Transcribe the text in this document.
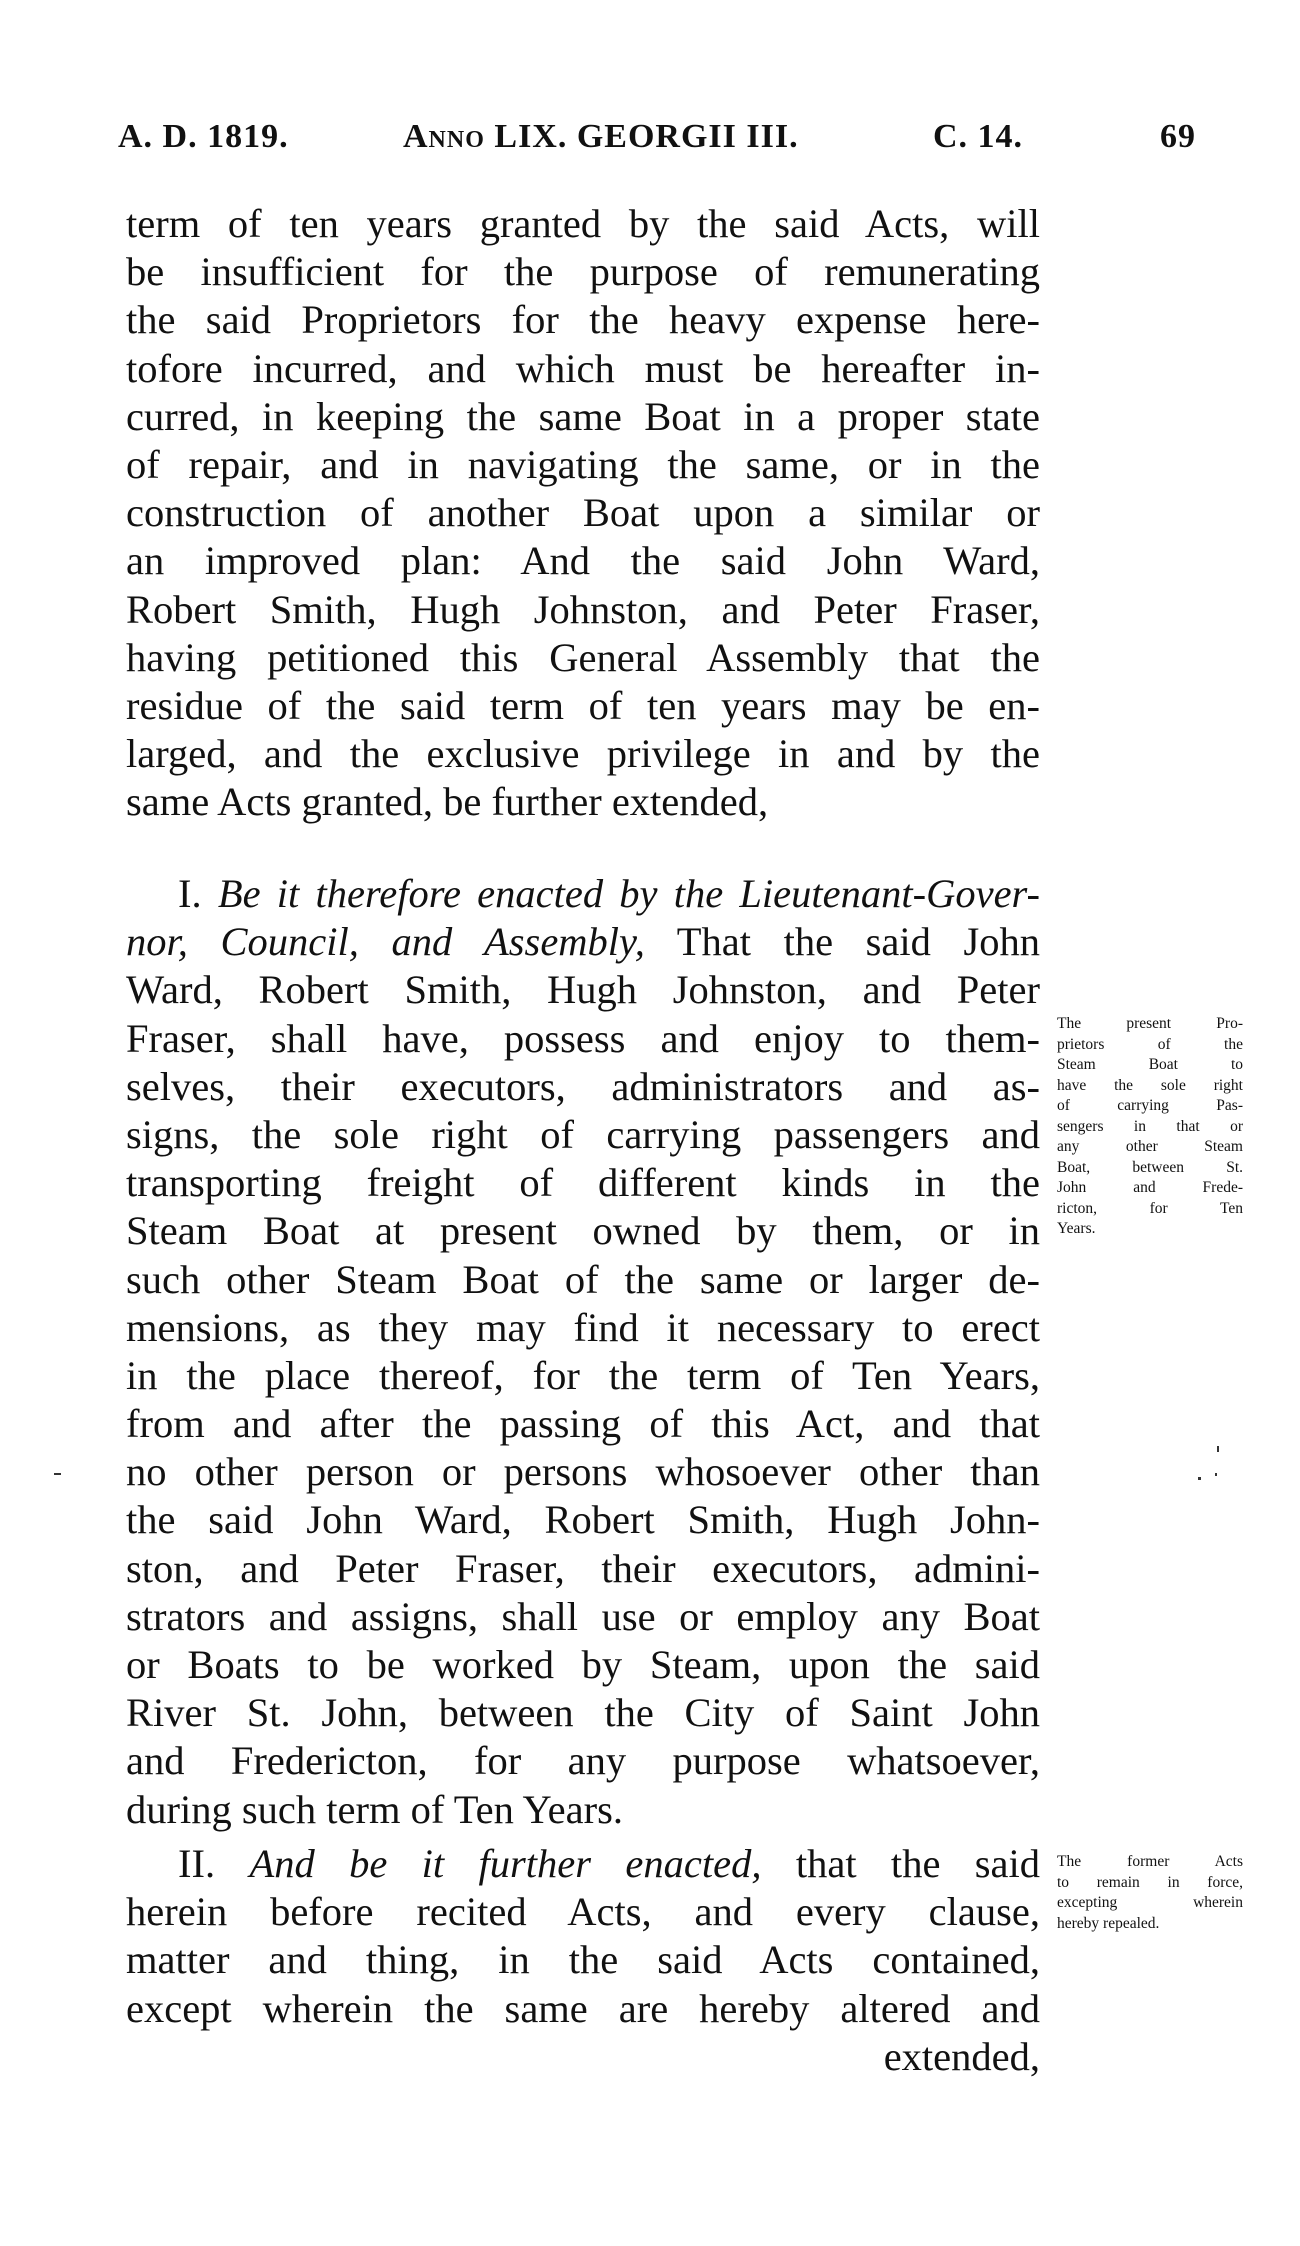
A. D. 1819.	Anno LIX. GEORGII III.	C. 14.	69
term of ten years granted by the said Acts, will
be insufficient for the purpose of remunerating
the said Proprietors for the heavy expense here-
tofore incurred, and which must be hereafter in-
curred, in keeping the same Boat in a proper state
of repair, and in navigating the same, or in the
construction of another Boat upon a similar or
an improved plan: And the said John Ward,
Robert Smith, Hugh Johnston, and Peter Fraser,
having petitioned this General Assembly that the
residue of the said term of ten years may be en-
larged, and the exclusive privilege in and by the
same Acts granted, be further extended,
I. Be it therefore enacted by the Lieutenant-Gover-
nor, Council, and Assembly, That the said John
Ward, Robert Smith, Hugh Johnston, and Peter
Fraser, shall have, possess and enjoy to them-
selves, their executors, administrators and as-
signs, the sole right of carrying passengers and
transporting freight of different kinds in the
Steam Boat at present owned by them, or in
such other Steam Boat of the same or larger de-
mensions, as they may find it necessary to erect
in the place thereof, for the term of Ten Years,
from and after the passing of this Act, and that
no other person or persons whosoever other than
the said John Ward, Robert Smith, Hugh John-
ston, and Peter Fraser, their executors, admini-
strators and assigns, shall use or employ any Boat
or Boats to be worked by Steam, upon the said
River St. John, between the City of Saint John
and Fredericton, for any purpose whatsoever,
during such term of Ten Years.
II. And be it further enacted, that the said
herein before recited Acts, and every clause,
matter and thing, in the said Acts contained,
except wherein the same are hereby altered and
extended,
The present Pro-
prietors of the
Steam Boat to
have the sole right
of carrying Pas-
sengers in that or
any other Steam
Boat, between St.
John and Frede-
ricton, for Ten
Years.
The former Acts
to remain in force,
excepting wherein
hereby repealed.
